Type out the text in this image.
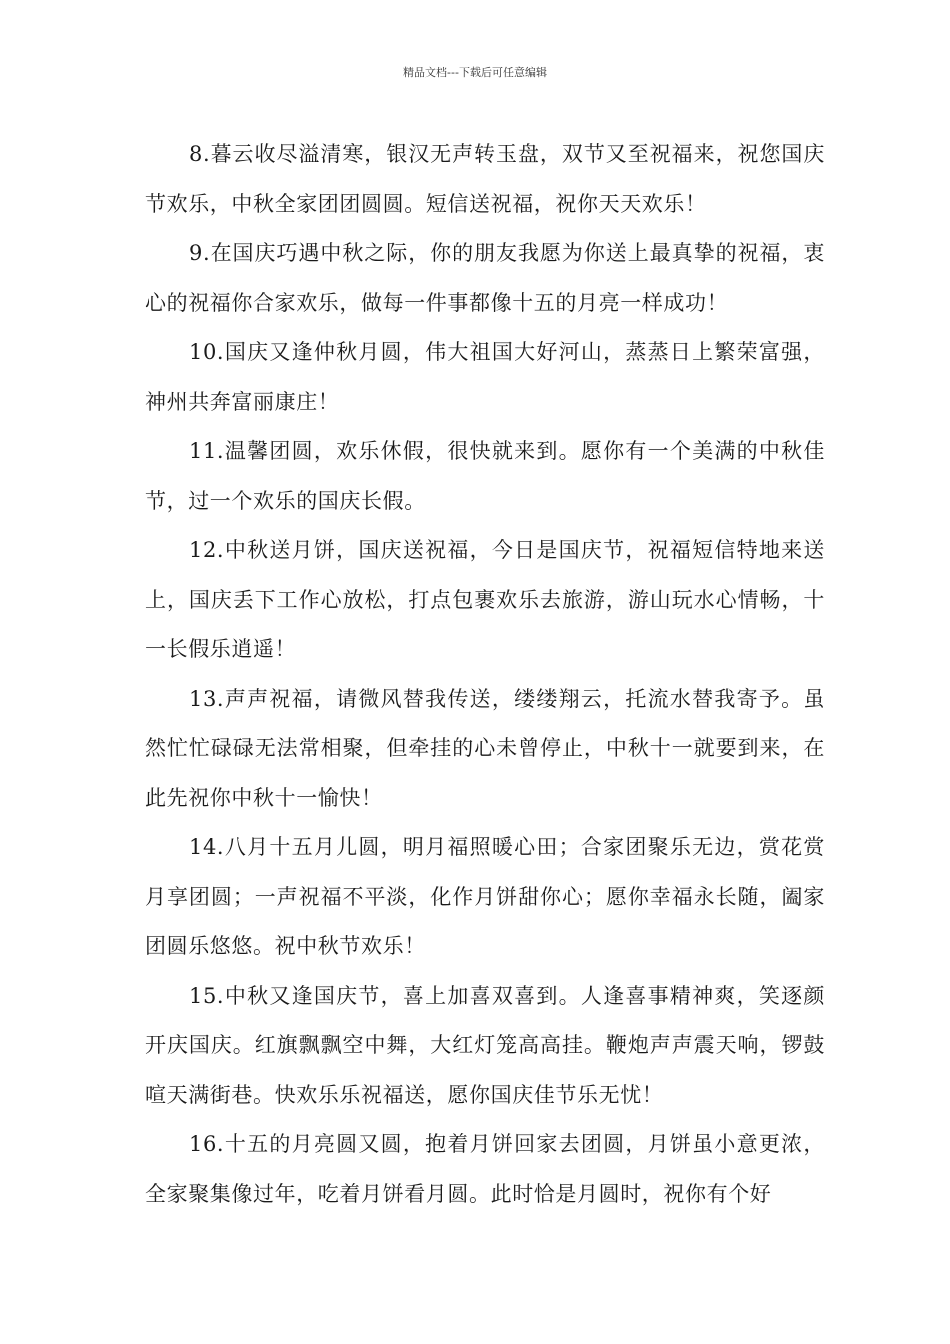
精品文档---下载后可任意编辑

8.暮云收尽溢清寒，银汉无声转玉盘，双节又至祝福来，祝您国庆节欢乐，中秋全家团团圆圆。短信送祝福，祝你天天欢乐！

9.在国庆巧遇中秋之际，你的朋友我愿为你送上最真挚的祝福，衷心的祝福你合家欢乐，做每一件事都像十五的月亮一样成功！

10.国庆又逢仲秋月圆，伟大祖国大好河山，蒸蒸日上繁荣富强，神州共奔富丽康庄！

11.温馨团圆，欢乐休假，很快就来到。愿你有一个美满的中秋佳节，过一个欢乐的国庆长假。

12.中秋送月饼，国庆送祝福，今日是国庆节，祝福短信特地来送上，国庆丢下工作心放松，打点包裹欢乐去旅游，游山玩水心情畅，十一长假乐逍遥！

13.声声祝福，请微风替我传送，缕缕翔云，托流水替我寄予。虽然忙忙碌碌无法常相聚，但牵挂的心未曾停止，中秋十一就要到来，在此先祝你中秋十一愉快！

14.八月十五月儿圆，明月福照暖心田；合家团聚乐无边，赏花赏月享团圆；一声祝福不平淡，化作月饼甜你心；愿你幸福永长随，阖家团圆乐悠悠。祝中秋节欢乐！

15.中秋又逢国庆节，喜上加喜双喜到。人逢喜事精神爽，笑逐颜开庆国庆。红旗飘飘空中舞，大红灯笼高高挂。鞭炮声声震天响，锣鼓喧天满街巷。快欢乐乐祝福送，愿你国庆佳节乐无忧！

16.十五的月亮圆又圆，抱着月饼回家去团圆，月饼虽小意更浓，全家聚集像过年，吃着月饼看月圆。此时恰是月圆时，祝你有个好
